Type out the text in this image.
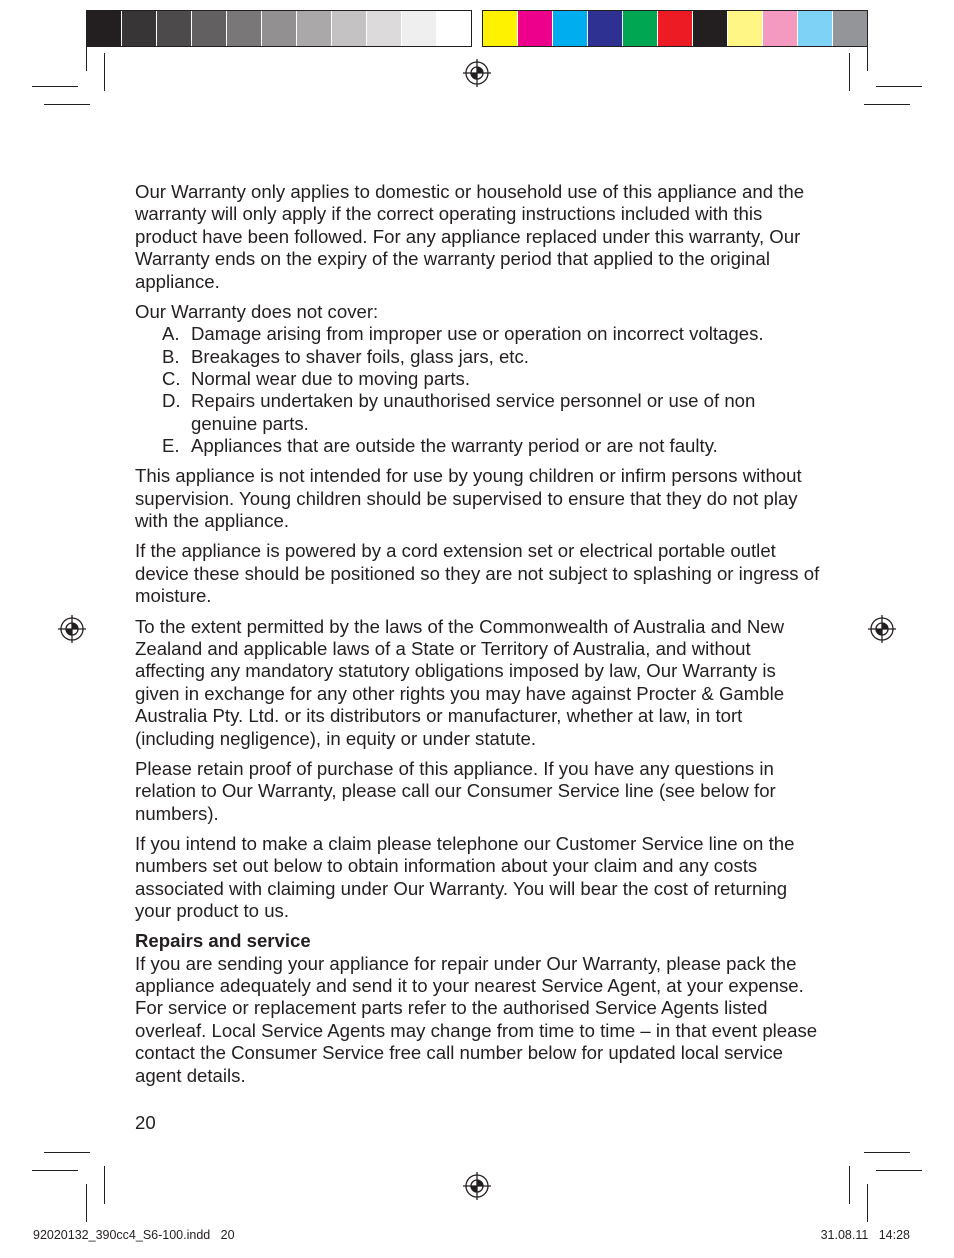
Our Warranty only applies to domestic or household use of this appliance and the warranty will only apply if the correct operating instructions included with this product have been followed. For any appliance replaced under this warranty, Our Warranty ends on the expiry of the warranty period that applied to the original appliance.

Our Warranty does not cover:

A. Damage arising from improper use or operation on incorrect voltages.
B. Breakages to shaver foils, glass jars, etc.
C. Normal wear due to moving parts.
D. Repairs undertaken by unauthorised service personnel or use of non genuine parts.
E. Appliances that are outside the warranty period or are not faulty.

This appliance is not intended for use by young children or infirm persons without supervision. Young children should be supervised to ensure that they do not play with the appliance.

If the appliance is powered by a cord extension set or electrical portable outlet device these should be positioned so they are not subject to splashing or ingress of moisture.

To the extent permitted by the laws of the Commonwealth of Australia and New Zealand and applicable laws of a State or Territory of Australia, and without affecting any mandatory statutory obligations imposed by law, Our Warranty is given in exchange for any other rights you may have against Procter & Gamble Australia Pty. Ltd. or its distributors or manufacturer, whether at law, in tort (including negligence), in equity or under statute.

Please retain proof of purchase of this appliance. If you have any questions in relation to Our Warranty, please call our Consumer Service line (see below for numbers).

If you intend to make a claim please telephone our Customer Service line on the numbers set out below to obtain information about your claim and any costs associated with claiming under Our Warranty. You will bear the cost of returning your product to us.

Repairs and service

If you are sending your appliance for repair under Our Warranty, please pack the appliance adequately and send it to your nearest Service Agent, at your expense. For service or replacement parts refer to the authorised Service Agents listed overleaf. Local Service Agents may change from time to time – in that event please contact the Consumer Service free call number below for updated local service agent details.

20
92020132_390cc4_S6-100.indd   20	31.08.11   14:28
